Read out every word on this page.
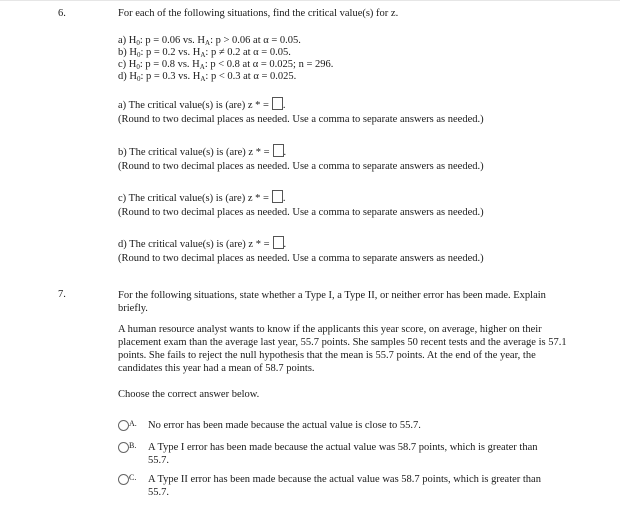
6.	For each of the following situations, find the critical value(s) for z.
a) $H_0$: p = 0.06 vs. $H_A$: p > 0.06 at α = 0.05.
b) $H_0$: p = 0.2 vs. $H_A$: p ≠ 0.2 at α = 0.05.
c) $H_0$: p = 0.8 vs. $H_A$: p < 0.8 at α = 0.025; n = 296.
d) $H_0$: p = 0.3 vs. $H_A$: p < 0.3 at α = 0.025.
a) The critical value(s) is (are) z * = .
(Round to two decimal places as needed. Use a comma to separate answers as needed.)
b) The critical value(s) is (are) z * = .
(Round to two decimal places as needed. Use a comma to separate answers as needed.)
c) The critical value(s) is (are) z * = .
(Round to two decimal places as needed. Use a comma to separate answers as needed.)
d) The critical value(s) is (are) z * = .
(Round to two decimal places as needed. Use a comma to separate answers as needed.)
7.	For the following situations, state whether a Type I, a Type II, or neither error has been made. Explain briefly.
A human resource analyst wants to know if the applicants this year score, on average, higher on their placement exam than the average last year, 55.7 points. She samples 50 recent tests and the average is 57.1 points. She fails to reject the null hypothesis that the mean is 55.7 points. At the end of the year, the candidates this year had a mean of 58.7 points.
Choose the correct answer below.
A. No error has been made because the actual value is close to 55.7.
B. A Type I error has been made because the actual value was 58.7 points, which is greater than 55.7.
C. A Type II error has been made because the actual value was 58.7 points, which is greater than 55.7.
